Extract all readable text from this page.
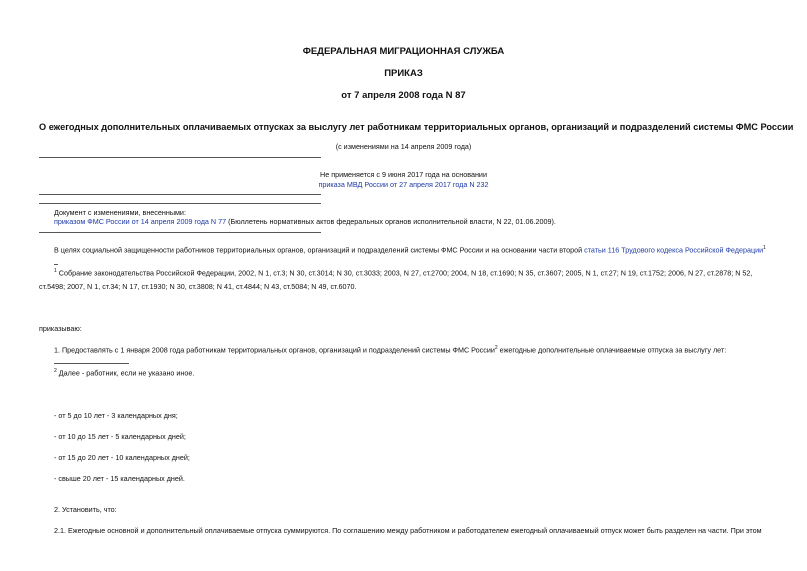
ФЕДЕРАЛЬНАЯ МИГРАЦИОННАЯ СЛУЖБА
ПРИКАЗ
от 7 апреля 2008 года N 87
О ежегодных дополнительных оплачиваемых отпусках за выслугу лет работникам территориальных органов, организаций и подразделений системы ФМС России
(с изменениями на 14 апреля 2009 года)
Не применяется с 9 июня 2017 года на основании
приказа МВД России от 27 апреля 2017 года N 232
Документ с изменениями, внесенными:
приказом ФМС России от 14 апреля 2009 года N 77 (Бюллетень нормативных актов федеральных органов исполнительной власти, N 22, 01.06.2009).
В целях социальной защищенности работников территориальных органов, организаций и подразделений системы ФМС России и на основании части второй статьи 116 Трудового кодекса Российской Федерации$^1$
$^1$ Собрание законодательства Российской Федерации, 2002, N 1, ст.3; N 30, ст.3014; N 30, ст.3033; 2003, N 27, ст.2700; 2004, N 18, ст.1690; N 35, ст.3607; 2005, N 1, ст.27; N 19, ст.1752; 2006, N 27, ст.2878; N 52,
ст.5498; 2007, N 1, ст.34; N 17, ст.1930; N 30, ст.3808; N 41, ст.4844; N 43, ст.5084; N 49, ст.6070.
приказываю:
1. Предоставлять с 1 января 2008 года работникам территориальных органов, организаций и подразделений системы ФМС России$^2$ ежегодные дополнительные оплачиваемые отпуска за выслугу лет:
$^2$ Далее - работник, если не указано иное.
- от 5 до 10 лет - 3 календарных дня;
- от 10 до 15 лет - 5 календарных дней;
- от 15 до 20 лет - 10 календарных дней;
- свыше 20 лет - 15 календарных дней.
2. Установить, что:
2.1. Ежегодные основной и дополнительный оплачиваемые отпуска суммируются. По соглашению между работником и работодателем ежегодный оплачиваемый отпуск может быть разделен на части. При этом
